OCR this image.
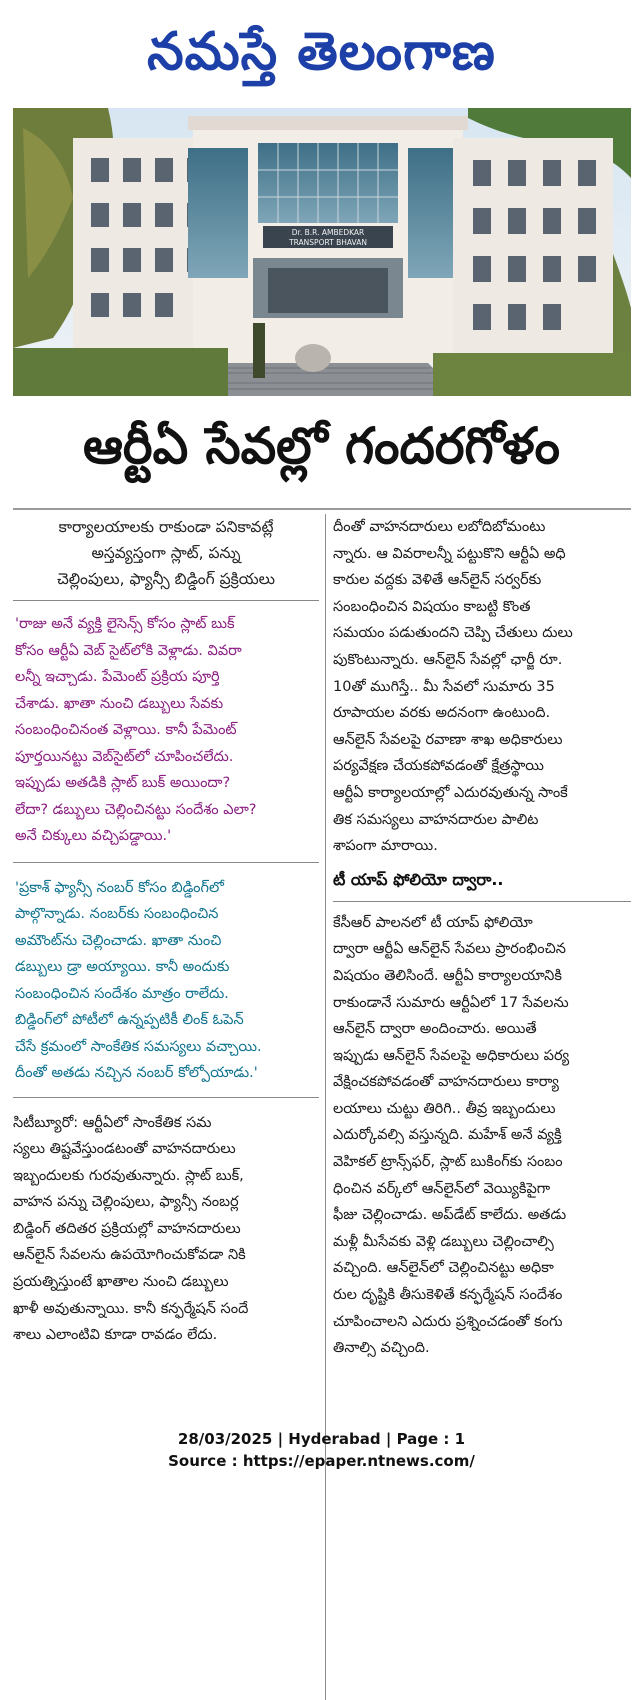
నమస్తే తెలంగాణ
Dr. B.R. AMBEDKAR
TRANSPORT BHAVAN
ఆర్టీఏ సేవల్లో గందరగోళం

కార్యాలయాలకు రాకుండా పనికావట్లే

అస్తవ్యస్తంగా స్లాట్, పన్ను

చెల్లింపులు, ఫ్యాన్సీ బిడ్డింగ్ ప్రక్రియలు

'రాజు అనే వ్యక్తి లైసెన్స్ కోసం స్లాట్ బుక్
కోసం ఆర్టీఏ వెబ్ సైట్‌లోకి వెళ్లాడు. వివరా
లన్నీ ఇచ్చాడు. పేమెంట్ ప్రక్రియ పూర్తి
చేశాడు. ఖాతా నుంచి డబ్బులు సేవకు
సంబంధించినంత వెళ్లాయి. కానీ పేమెంట్
పూర్తయినట్టు వెబ్‌సైట్‌లో చూపించలేదు.
ఇప్పుడు అతడికి స్లాట్ బుక్ అయిందా?
లేదా? డబ్బులు చెల్లించినట్టు సందేశం ఎలా?
అనే చిక్కులు వచ్చిపడ్డాయి.'

'ప్రకాశ్ ఫ్యాన్సీ నంబర్ కోసం బిడ్డింగ్‌లో
పాల్గొన్నాడు. నంబర్‌కు సంబంధించిన
అమౌంట్‌ను చెల్లించాడు. ఖాతా నుంచి
డబ్బులు డ్రా అయ్యాయి. కానీ అందుకు
సంబంధించిన సందేశం మాత్రం రాలేదు.
బిడ్డింగ్‌లో పోటీలో ఉన్నప్పటికీ లింక్ ఓపెన్
చేసే క్రమంలో సాంకేతిక సమస్యలు వచ్చాయి.
దీంతో అతడు నచ్చిన నంబర్ కోల్పోయాడు.'

సిటీబ్యూరో: ఆర్టీఏలో సాంకేతిక సమ
స్యలు తిష్టవేస్తుండటంతో వాహనదారులు
ఇబ్బందులకు గురవుతున్నారు. స్లాట్ బుక్,
వాహన పన్ను చెల్లింపులు, ఫ్యాన్సీ నంబర్ల
బిడ్డింగ్ తదితర ప్రక్రియల్లో వాహనదారులు
ఆన్‌లైన్ సేవలను ఉపయోగించుకోవడా నికి
ప్రయత్నిస్తుంటే ఖాతాల నుంచి డబ్బులు
ఖాళీ అవుతున్నాయి. కానీ కన్ఫర్మేషన్ సందే
శాలు ఎలాంటివి కూడా రావడం లేదు.

దీంతో వాహనదారులు లబోదిబోమంటు
న్నారు. ఆ వివరాలన్నీ పట్టుకొని ఆర్టీఏ అధి
కారుల వద్దకు వెళితే ఆన్‌లైన్ సర్వర్‌కు
సంబంధించిన విషయం కాబట్టి కొంత
సమయం పడుతుందని చెప్పి చేతులు దులు
పుకొంటున్నారు. ఆన్‌లైన్ సేవల్లో ఛార్జీ రూ.
10తో ముగిస్తే.. మీ సేవలో సుమారు 35
రూపాయల వరకు అదనంగా ఉంటుంది.
ఆన్‌లైన్ సేవలపై రవాణా శాఖ అధికారులు
పర్యవేక్షణ చేయకపోవడంతో క్షేత్రస్థాయి
ఆర్టీఏ కార్యాలయాల్లో ఎదురవుతున్న సాంకే
తిక సమస్యలు వాహనదారుల పాలిట
శాపంగా మారాయి.

టీ యాప్ ఫోలియో ద్వారా..

కేసీఆర్ పాలనలో టీ యాప్ ఫోలియో
ద్వారా ఆర్టీఏ ఆన్‌లైన్ సేవలు ప్రారంభించిన
విషయం తెలిసిందే. ఆర్టీఏ కార్యాలయానికి
రాకుండానే సుమారు ఆర్టీఏలో 17 సేవలను
ఆన్‌లైన్ ద్వారా అందించారు. అయితే
ఇప్పుడు ఆన్‌లైన్ సేవలపై అధికారులు పర్య
వేక్షించకపోవడంతో వాహనదారులు కార్యా
లయాలు చుట్టు తిరిగి.. తీవ్ర ఇబ్బందులు
ఎదుర్కోవల్సి వస్తున్నది. మహేశ్ అనే వ్యక్తి
వెహికల్ ట్రాన్స్‌ఫర్, స్లాట్ బుకింగ్‌కు సంబం
ధించిన వర్క్‌లో ఆన్‌లైన్‌లో వెయ్యికిపైగా
ఫీజు చెల్లించాడు. అప్‌డేట్ కాలేదు. అతడు
మళ్లీ మీసేవకు వెళ్లి డబ్బులు చెల్లించాల్సి
వచ్చింది. ఆన్‌లైన్‌లో చెల్లించినట్టు అధికా
రుల దృష్టికి తీసుకెళితే కన్ఫర్మేషన్ సందేశం
చూపించాలని ఎదురు ప్రశ్నించడంతో కంగు
తినాల్సి వచ్చింది.

28/03/2025 | Hyderabad | Page : 1
Source : https://epaper.ntnews.com/
